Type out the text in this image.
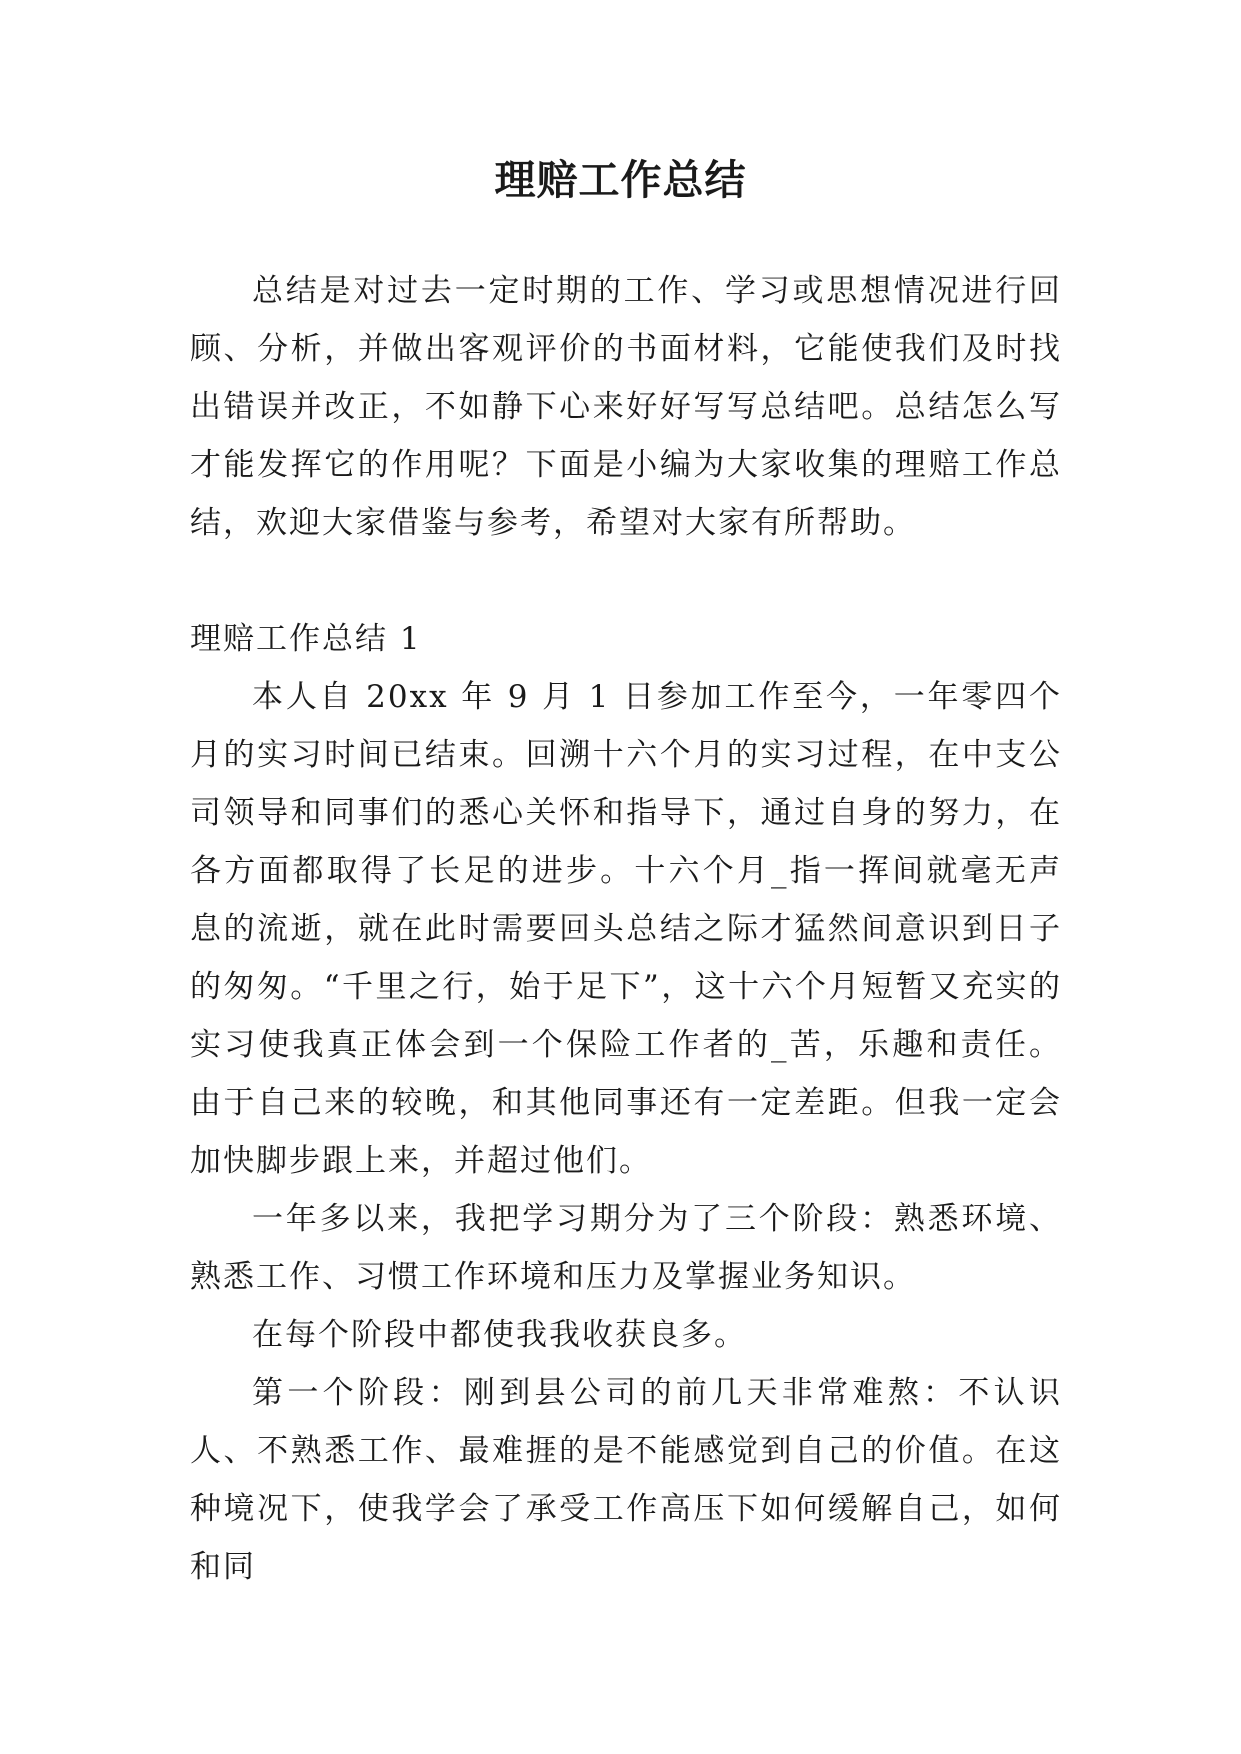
理赔工作总结

总结是对过去一定时期的工作、学习或思想情况进行回顾、分析，并做出客观评价的书面材料，它能使我们及时找出错误并改正，不如静下心来好好写写总结吧。总结怎么写才能发挥它的作用呢？下面是小编为大家收集的理赔工作总结，欢迎大家借鉴与参考，希望对大家有所帮助。

理赔工作总结 1

本人自 20xx 年 9 月 1 日参加工作至今，一年零四个月的实习时间已结束。回溯十六个月的实习过程，在中支公司领导和同事们的悉心关怀和指导下，通过自身的努力，在各方面都取得了长足的进步。十六个月_指一挥间就毫无声息的流逝，就在此时需要回头总结之际才猛然间意识到日子的匆匆。“千里之行，始于足下”，这十六个月短暂又充实的实习使我真正体会到一个保险工作者的_苦，乐趣和责任。由于自己来的较晚，和其他同事还有一定差距。但我一定会加快脚步跟上来，并超过他们。

一年多以来，我把学习期分为了三个阶段：熟悉环境、熟悉工作、习惯工作环境和压力及掌握业务知识。

在每个阶段中都使我我收获良多。

第一个阶段：刚到县公司的前几天非常难熬：不认识人、不熟悉工作、最难捱的是不能感觉到自己的价值。在这种境况下，使我学会了承受工作高压下如何缓解自己，如何和同
